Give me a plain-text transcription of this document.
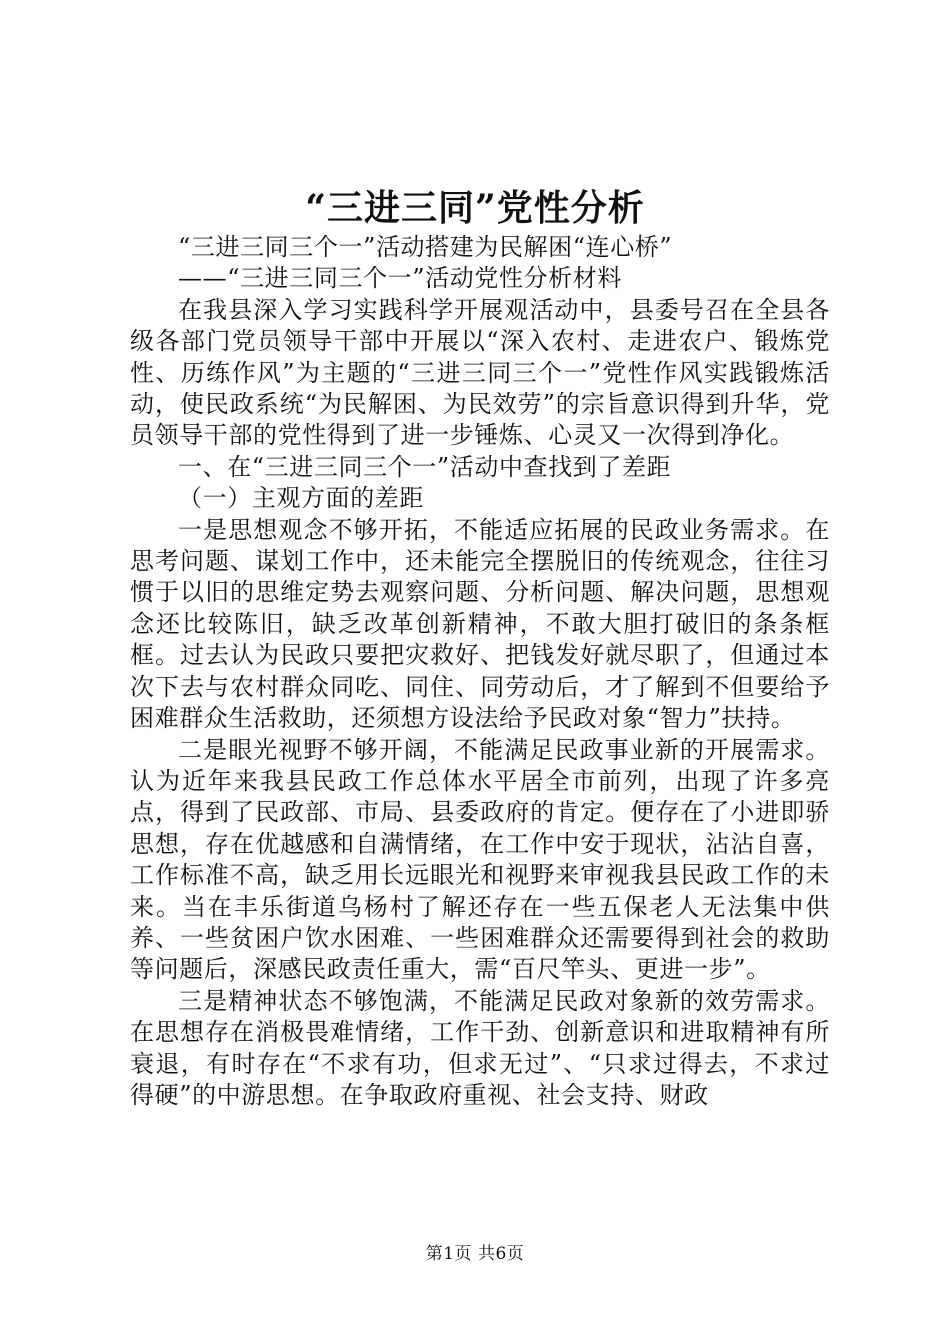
“三进三同”党性分析

“三进三同三个一”活动搭建为民解困“连心桥”

——“三进三同三个一”活动党性分析材料

在我县深入学习实践科学开展观活动中，县委号召在全县各级各部门党员领导干部中开展以“深入农村、走进农户、锻炼党性、历练作风”为主题的“三进三同三个一”党性作风实践锻炼活动，使民政系统“为民解困、为民效劳”的宗旨意识得到升华，党员领导干部的党性得到了进一步锤炼、心灵又一次得到净化。

一、在“三进三同三个一”活动中查找到了差距

（一）主观方面的差距

一是思想观念不够开拓，不能适应拓展的民政业务需求。在思考问题、谋划工作中，还未能完全摆脱旧的传统观念，往往习惯于以旧的思维定势去观察问题、分析问题、解决问题，思想观念还比较陈旧，缺乏改革创新精神，不敢大胆打破旧的条条框框。过去认为民政只要把灾救好、把钱发好就尽职了，但通过本次下去与农村群众同吃、同住、同劳动后，才了解到不但要给予困难群众生活救助，还须想方设法给予民政对象“智力”扶持。

二是眼光视野不够开阔，不能满足民政事业新的开展需求。认为近年来我县民政工作总体水平居全市前列，出现了许多亮点，得到了民政部、市局、县委政府的肯定。便存在了小进即骄思想，存在优越感和自满情绪，在工作中安于现状，沾沾自喜，工作标准不高，缺乏用长远眼光和视野来审视我县民政工作的未来。当在丰乐街道乌杨村了解还存在一些五保老人无法集中供养、一些贫困户饮水困难、一些困难群众还需要得到社会的救助等问题后，深感民政责任重大，需“百尺竿头、更进一步”。

三是精神状态不够饱满，不能满足民政对象新的效劳需求。在思想存在消极畏难情绪，工作干劲、创新意识和进取精神有所衰退，有时存在“不求有功，但求无过”、“只求过得去，不求过得硬”的中游思想。在争取政府重视、社会支持、财政

第1页 共6页
